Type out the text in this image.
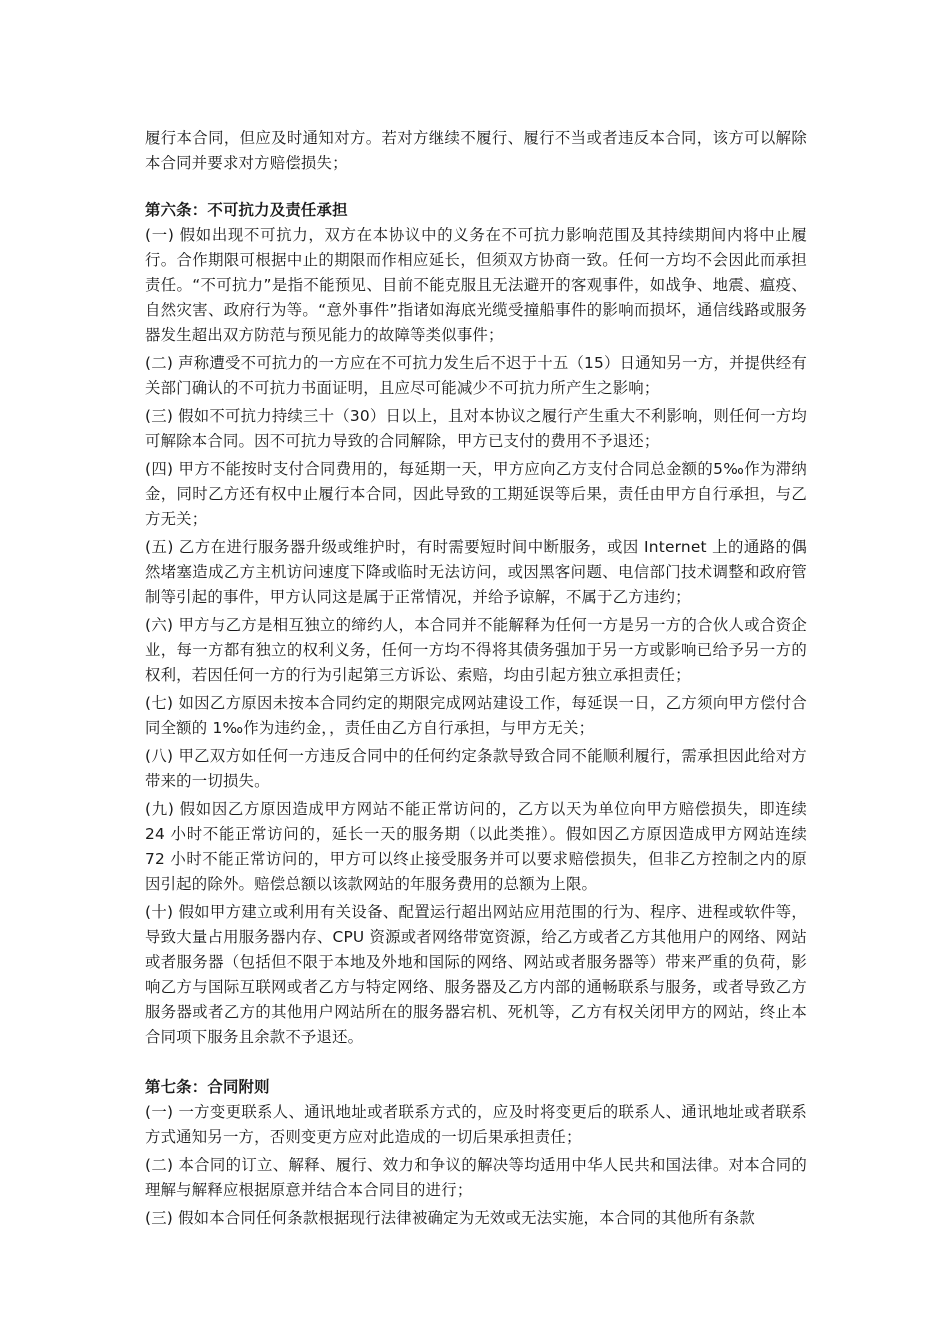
履行本合同，但应及时通知对方。若对方继续不履行、履行不当或者违反本合同，该方可以解除本合同并要求对方赔偿损失；

第六条：不可抗力及责任承担

(一) 假如出现不可抗力，双方在本协议中的义务在不可抗力影响范围及其持续期间内将中止履行。合作期限可根据中止的期限而作相应延长，但须双方协商一致。任何一方均不会因此而承担责任。“不可抗力”是指不能预见、目前不能克服且无法避开的客观事件，如战争、地震、瘟疫、自然灾害、政府行为等。“意外事件”指诸如海底光缆受撞船事件的影响而损坏，通信线路或服务器发生超出双方防范与预见能力的故障等类似事件；

(二) 声称遭受不可抗力的一方应在不可抗力发生后不迟于十五（15）日通知另一方，并提供经有关部门确认的不可抗力书面证明，且应尽可能减少不可抗力所产生之影响；

(三) 假如不可抗力持续三十（30）日以上，且对本协议之履行产生重大不利影响，则任何一方均可解除本合同。因不可抗力导致的合同解除，甲方已支付的费用不予退还；

(四) 甲方不能按时支付合同费用的，每延期一天，甲方应向乙方支付合同总金额的5‰作为滞纳金，同时乙方还有权中止履行本合同，因此导致的工期延误等后果，责任由甲方自行承担，与乙方无关；

(五) 乙方在进行服务器升级或维护时，有时需要短时间中断服务，或因 Internet 上的通路的偶然堵塞造成乙方主机访问速度下降或临时无法访问，或因黑客问题、电信部门技术调整和政府管制等引起的事件，甲方认同这是属于正常情况，并给予谅解，不属于乙方违约；

(六) 甲方与乙方是相互独立的缔约人，本合同并不能解释为任何一方是另一方的合伙人或合资企业，每一方都有独立的权利义务，任何一方均不得将其债务强加于另一方或影响已给予另一方的权利，若因任何一方的行为引起第三方诉讼、索赔，均由引起方独立承担责任；

(七) 如因乙方原因未按本合同约定的期限完成网站建设工作，每延误一日，乙方须向甲方偿付合同全额的 1‰作为违约金，，责任由乙方自行承担，与甲方无关；

(八) 甲乙双方如任何一方违反合同中的任何约定条款导致合同不能顺利履行，需承担因此给对方带来的一切损失。

(九) 假如因乙方原因造成甲方网站不能正常访问的，乙方以天为单位向甲方赔偿损失，即连续 24 小时不能正常访问的，延长一天的服务期（以此类推）。假如因乙方原因造成甲方网站连续 72 小时不能正常访问的，甲方可以终止接受服务并可以要求赔偿损失，但非乙方控制之内的原因引起的除外。赔偿总额以该款网站的年服务费用的总额为上限。

(十) 假如甲方建立或利用有关设备、配置运行超出网站应用范围的行为、程序、进程或软件等，导致大量占用服务器内存、CPU 资源或者网络带宽资源，给乙方或者乙方其他用户的网络、网站或者服务器（包括但不限于本地及外地和国际的网络、网站或者服务器等）带来严重的负荷，影响乙方与国际互联网或者乙方与特定网络、服务器及乙方内部的通畅联系与服务，或者导致乙方服务器或者乙方的其他用户网站所在的服务器宕机、死机等，乙方有权关闭甲方的网站，终止本合同项下服务且余款不予退还。

第七条：合同附则

(一) 一方变更联系人、通讯地址或者联系方式的，应及时将变更后的联系人、通讯地址或者联系方式通知另一方，否则变更方应对此造成的一切后果承担责任；

(二) 本合同的订立、解释、履行、效力和争议的解决等均适用中华人民共和国法律。对本合同的理解与解释应根据原意并结合本合同目的进行；

(三) 假如本合同任何条款根据现行法律被确定为无效或无法实施，本合同的其他所有条款
